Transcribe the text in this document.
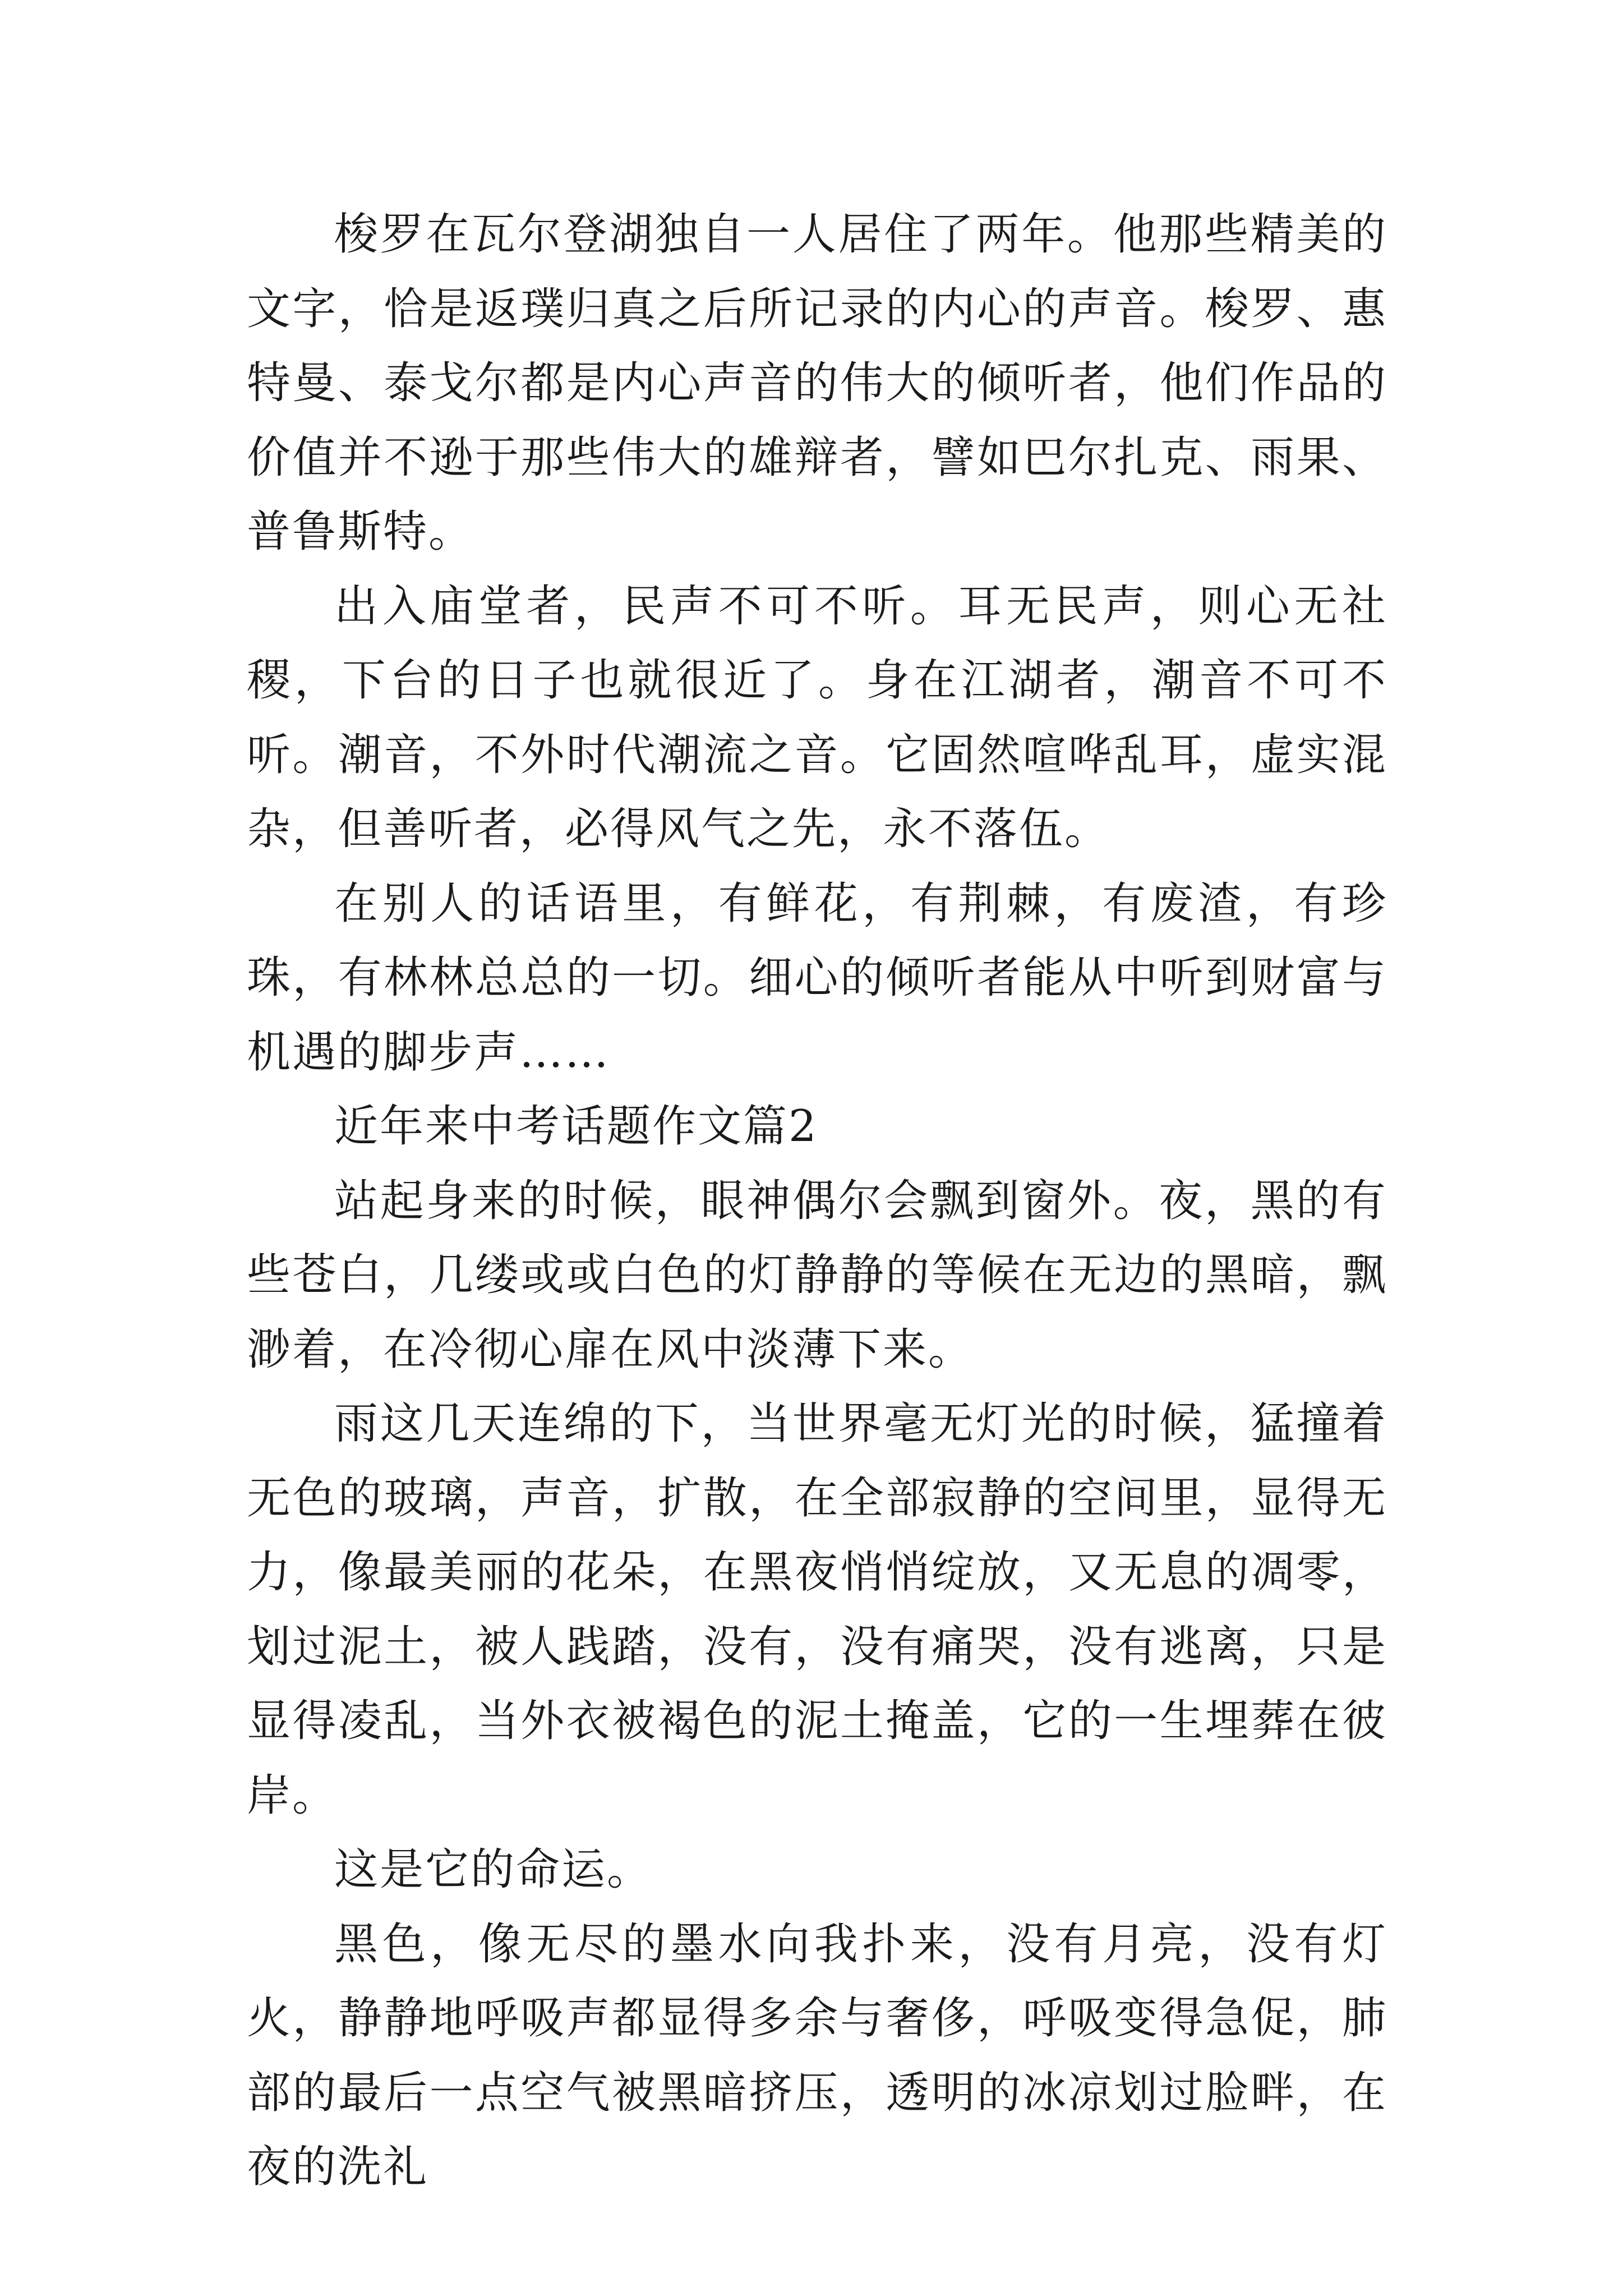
梭罗在瓦尔登湖独自一人居住了两年。他那些精美的文字，恰是返璞归真之后所记录的内心的声音。梭罗、惠特曼、泰戈尔都是内心声音的伟大的倾听者，他们作品的价值并不逊于那些伟大的雄辩者，譬如巴尔扎克、雨果、普鲁斯特。

出入庙堂者，民声不可不听。耳无民声，则心无社稷，下台的日子也就很近了。身在江湖者，潮音不可不听。潮音，不外时代潮流之音。它固然喧哗乱耳，虚实混杂，但善听者，必得风气之先，永不落伍。

在别人的话语里，有鲜花，有荆棘，有废渣，有珍珠，有林林总总的一切。细心的倾听者能从中听到财富与机遇的脚步声……

近年来中考话题作文篇2

站起身来的时候，眼神偶尔会飘到窗外。夜，黑的有些苍白，几缕或或白色的灯静静的等候在无边的黑暗，飘渺着，在冷彻心扉在风中淡薄下来。

雨这几天连绵的下，当世界毫无灯光的时候，猛撞着无色的玻璃，声音，扩散，在全部寂静的空间里，显得无力，像最美丽的花朵，在黑夜悄悄绽放，又无息的凋零，划过泥土，被人践踏，没有，没有痛哭，没有逃离，只是显得凌乱，当外衣被褐色的泥土掩盖，它的一生埋葬在彼岸。

这是它的命运。

黑色，像无尽的墨水向我扑来，没有月亮，没有灯火，静静地呼吸声都显得多余与奢侈，呼吸变得急促，肺部的最后一点空气被黑暗挤压，透明的冰凉划过脸畔，在夜的洗礼
